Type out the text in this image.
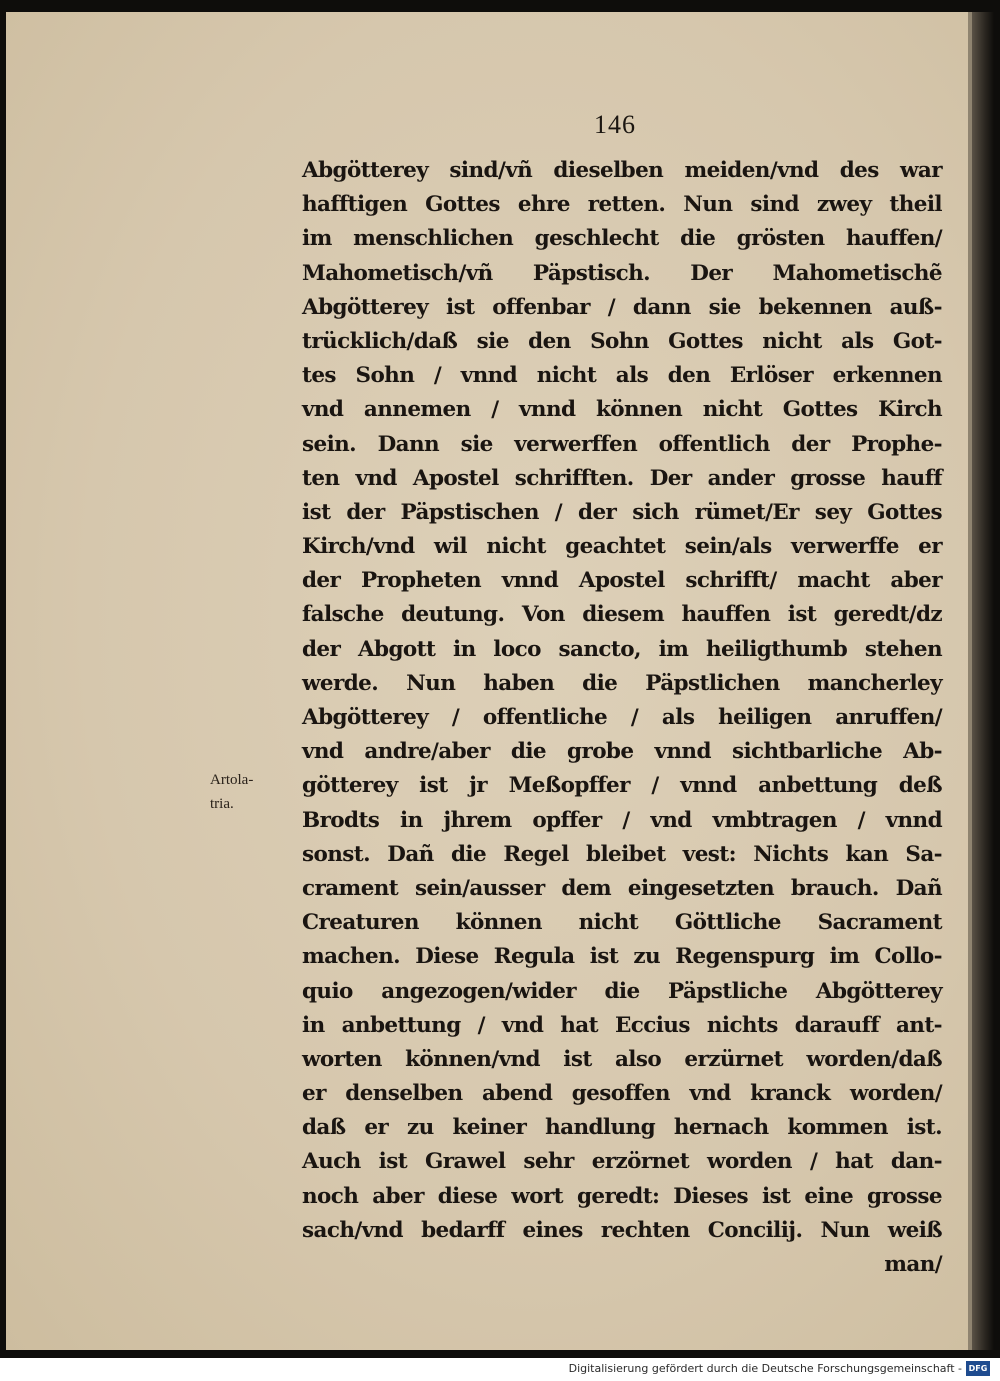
146
Artola-
tria.
Abgötterey sind/vñ dieselben meiden/vnd des war
hafftigen Gottes ehre retten. Nun sind zwey theil
im menschlichen geschlecht die grösten hauffen/
Mahometisch/vñ Päpstisch. Der Mahometischẽ
Abgötterey ist offenbar / dann sie bekennen auß-
trücklich/daß sie den Sohn Gottes nicht als Got-
tes Sohn / vnnd nicht als den Erlöser erkennen
vnd annemen / vnnd können nicht Gottes Kirch
sein. Dann sie verwerffen offentlich der Prophe-
ten vnd Apostel schrifften. Der ander grosse hauff
ist der Päpstischen / der sich rümet/Er sey Gottes
Kirch/vnd wil nicht geachtet sein/als verwerffe er
der Propheten vnnd Apostel schrifft/ macht aber
falsche deutung. Von diesem hauffen ist geredt/dz
der Abgott in loco sancto, im heiligthumb stehen
werde. Nun haben die Päpstlichen mancherley
Abgötterey / offentliche / als heiligen anruffen/
vnd andre/aber die grobe vnnd sichtbarliche Ab-
götterey ist jr Meßopffer / vnnd anbettung deß
Brodts in jhrem opffer / vnd vmbtragen / vnnd
sonst. Dañ die Regel bleibet vest: Nichts kan Sa-
crament sein/ausser dem eingesetzten brauch. Dañ
Creaturen können nicht Göttliche Sacrament
machen. Diese Regula ist zu Regenspurg im Collo-
quio angezogen/wider die Päpstliche Abgötterey
in anbettung / vnd hat Eccius nichts darauff ant-
worten können/vnd ist also erzürnet worden/daß
er denselben abend gesoffen vnd kranck worden/
daß er zu keiner handlung hernach kommen ist.
Auch ist Grawel sehr erzörnet worden / hat dan-
noch aber diese wort geredt: Dieses ist eine grosse
sach/vnd bedarff eines rechten Concilij. Nun weiß
man/
Digitalisierung gefördert durch die Deutsche Forschungsgemeinschaft - DFG
